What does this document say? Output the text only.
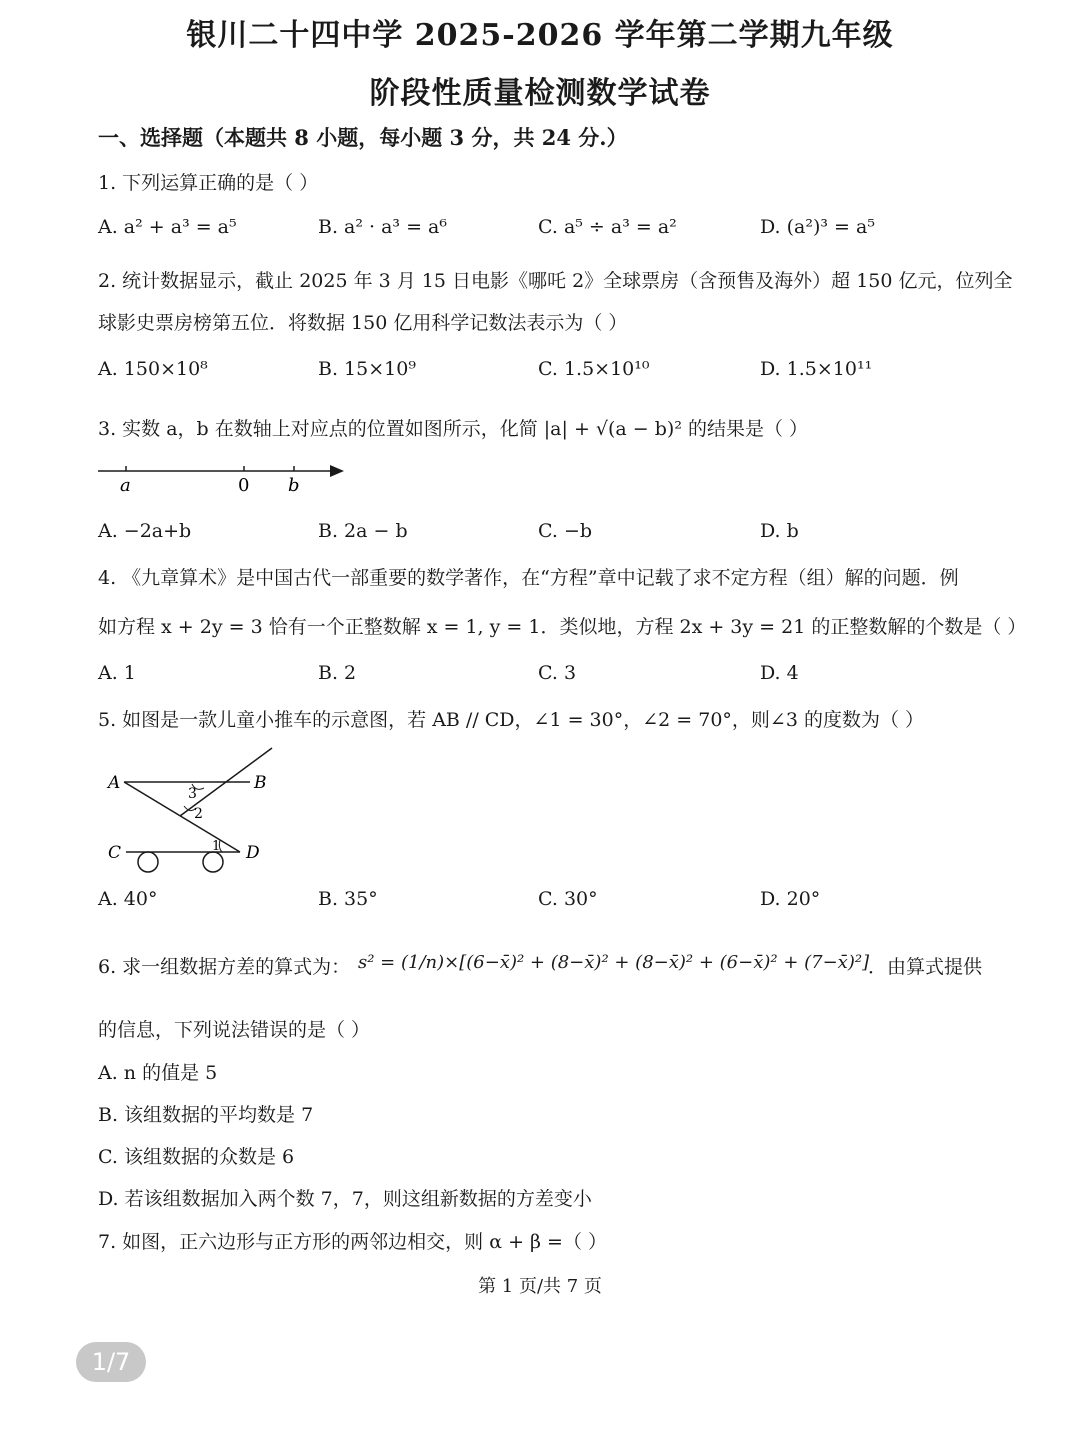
银川二十四中学 2025-2026 学年第二学期九年级
阶段性质量检测数学试卷
一、选择题（本题共 8 小题，每小题 3 分，共 24 分.）
1. 下列运算正确的是（ ）
A. a² + a³ = a⁵	B. a² · a³ = a⁶	C. a⁵ ÷ a³ = a²	D. (a²)³ = a⁵
2. 统计数据显示，截止 2025 年 3 月 15 日电影《哪吒 2》全球票房（含预售及海外）超 150 亿元，位列全
球影史票房榜第五位．将数据 150 亿用科学记数法表示为（ ）
A. 150×10⁸	B. 15×10⁹	C. 1.5×10¹⁰	D. 1.5×10¹¹
3. 实数 a，b 在数轴上对应点的位置如图所示，化简 |a| + √(a − b)² 的结果是（ ）
a	0 b
A. −2a+b	B. 2a − b	C. −b	D. b
4. 《九章算术》是中国古代一部重要的数学著作，在“方程”章中记载了求不定方程（组）解的问题．例
如方程 x + 2y = 3 恰有一个正整数解 x = 1, y = 1．类似地，方程 2x + 3y = 21 的正整数解的个数是（ ）
A. 1	B. 2	C. 3	D. 4
5. 如图是一款儿童小推车的示意图，若 AB // CD，∠1 = 30°，∠2 = 70°，则∠3 的度数为（ ）
A	B
C	D
3
2
1
A. 40°	B. 35°	C. 30°	D. 20°
6. 求一组数据方差的算式为： s² = (1/n)×[(6−x̄)² + (8−x̄)² + (8−x̄)² + (6−x̄)² + (7−x̄)²]
．由算式提供
的信息，下列说法错误的是（ ）
A. n 的值是 5
B. 该组数据的平均数是 7
C. 该组数据的众数是 6
D. 若该组数据加入两个数 7，7，则这组新数据的方差变小
7. 如图，正六边形与正方形的两邻边相交，则 α + β =（ ）
第 1 页/共 7 页
1/7
